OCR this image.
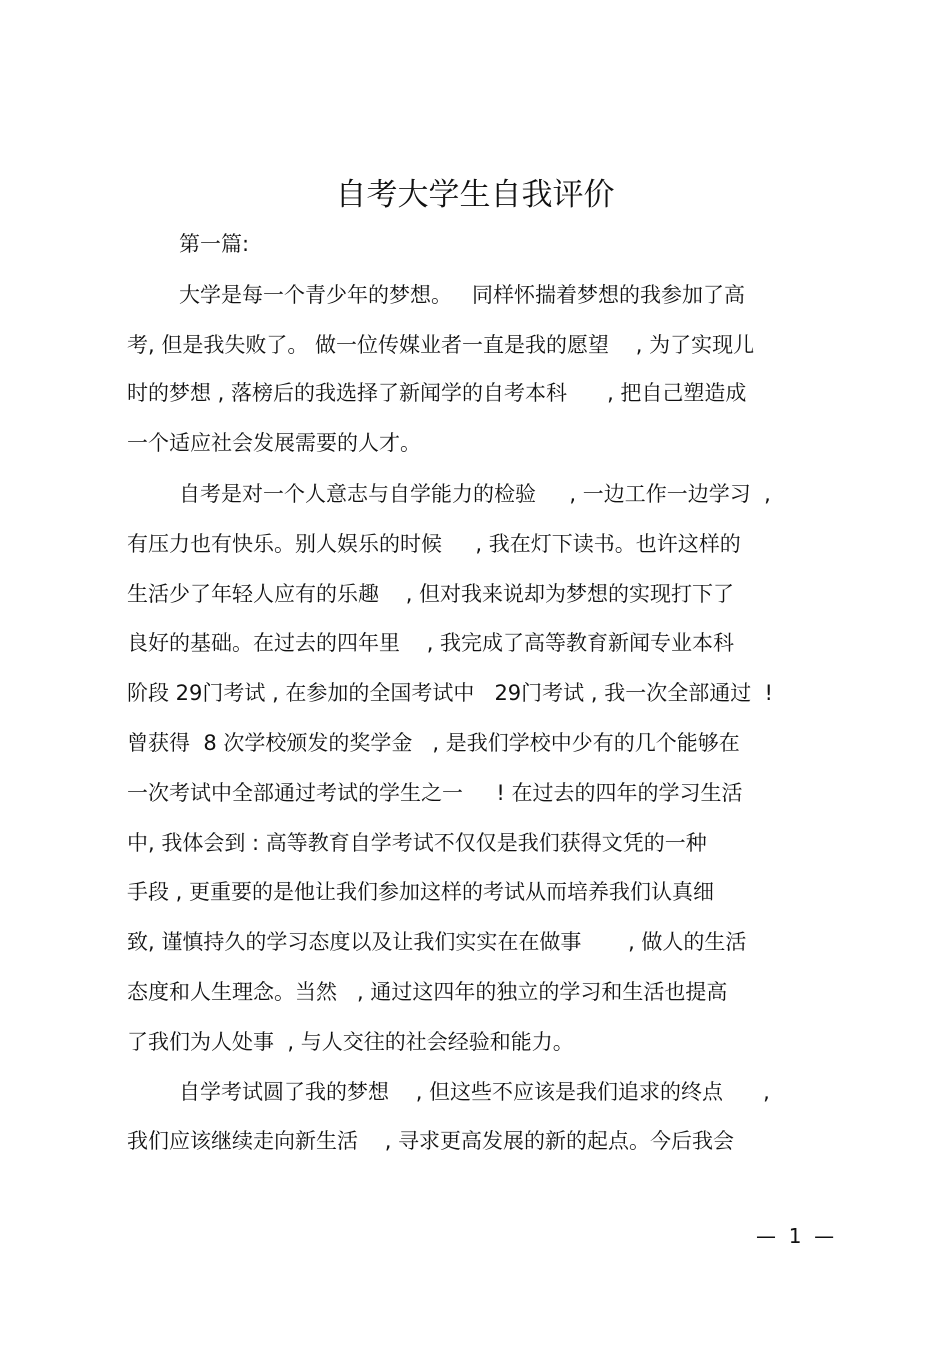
自考大学生自我评价
第一篇:
大学是每一个青少年的梦想。   同样怀揣着梦想的我参加了高
考, 但是我失败了。 做一位传媒业者一直是我的愿望    , 为了实现儿
时的梦想 , 落榜后的我选择了新闻学的自考本科      , 把自己塑造成
一个适应社会发展需要的人才。
自考是对一个人意志与自学能力的检验     , 一边工作一边学习  ,
有压力也有快乐。别人娱乐的时候     , 我在灯下读书。也许这样的
生活少了年轻人应有的乐趣    , 但对我来说却为梦想的实现打下了
良好的基础。在过去的四年里    , 我完成了高等教育新闻专业本科
阶段 29门考试 , 在参加的全国考试中   29门考试 , 我一次全部通过  !
曾获得  8 次学校颁发的奖学金   , 是我们学校中少有的几个能够在
一次考试中全部通过考试的学生之一     ! 在过去的四年的学习生活
中, 我体会到 : 高等教育自学考试不仅仅是我们获得文凭的一种
手段 , 更重要的是他让我们参加这样的考试从而培养我们认真细
致, 谨慎持久的学习态度以及让我们实实在在做事       , 做人的生活
态度和人生理念。当然   , 通过这四年的独立的学习和生活也提高
了我们为人处事  , 与人交往的社会经验和能力。
自学考试圆了我的梦想    , 但这些不应该是我们追求的终点      ,
我们应该继续走向新生活    , 寻求更高发展的新的起点。今后我会
—  1  —
